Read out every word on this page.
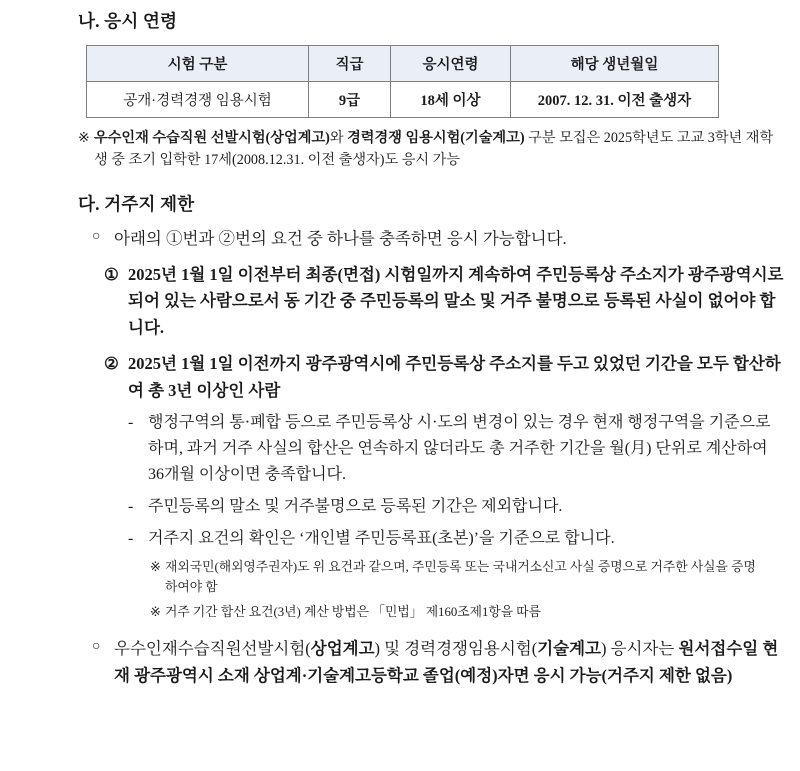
나. 응시 연령
시험 구분	직급	응시연령	해당 생년월일
공개·경력경쟁 임용시험	9급	18세 이상	2007. 12. 31. 이전 출생자
※ 우수인재 수습직원 선발시험(상업계고)와 경력경쟁 임용시험(기술계고) 구분 모집은 2025학년도 고교 3학년 재학생 중 조기 입학한 17세(2008.12.31. 이전 출생자)도 응시 가능
다. 거주지 제한
○ 아래의 ①번과 ②번의 요건 중 하나를 충족하면 응시 가능합니다.
① 2025년 1월 1일 이전부터 최종(면접) 시험일까지 계속하여 주민등록상 주소지가 광주광역시로 되어 있는 사람으로서 동 기간 중 주민등록의 말소 및 거주 불명으로 등록된 사실이 없어야 합니다.
② 2025년 1월 1일 이전까지 광주광역시에 주민등록상 주소지를 두고 있었던 기간을 모두 합산하여 총 3년 이상인 사람
- 행정구역의 통·폐합 등으로 주민등록상 시·도의 변경이 있는 경우 현재 행정구역을 기준으로 하며, 과거 거주 사실의 합산은 연속하지 않더라도 총 거주한 기간을 월(月) 단위로 계산하여 36개월 이상이면 충족합니다.
- 주민등록의 말소 및 거주불명으로 등록된 기간은 제외합니다.
- 거주지 요건의 확인은 ‘개인별 주민등록표(초본)’을 기준으로 합니다.
※ 재외국민(해외영주권자)도 위 요건과 같으며, 주민등록 또는 국내거소신고 사실 증명으로 거주한 사실을 증명하여야 함
※ 거주 기간 합산 요건(3년) 계산 방법은 「민법」 제160조제1항을 따름
○ 우수인재수습직원선발시험(상업계고) 및 경력경쟁임용시험(기술계고) 응시자는 원서접수일 현재 광주광역시 소재 상업계·기술계고등학교 졸업(예정)자면 응시 가능(거주지 제한 없음)
